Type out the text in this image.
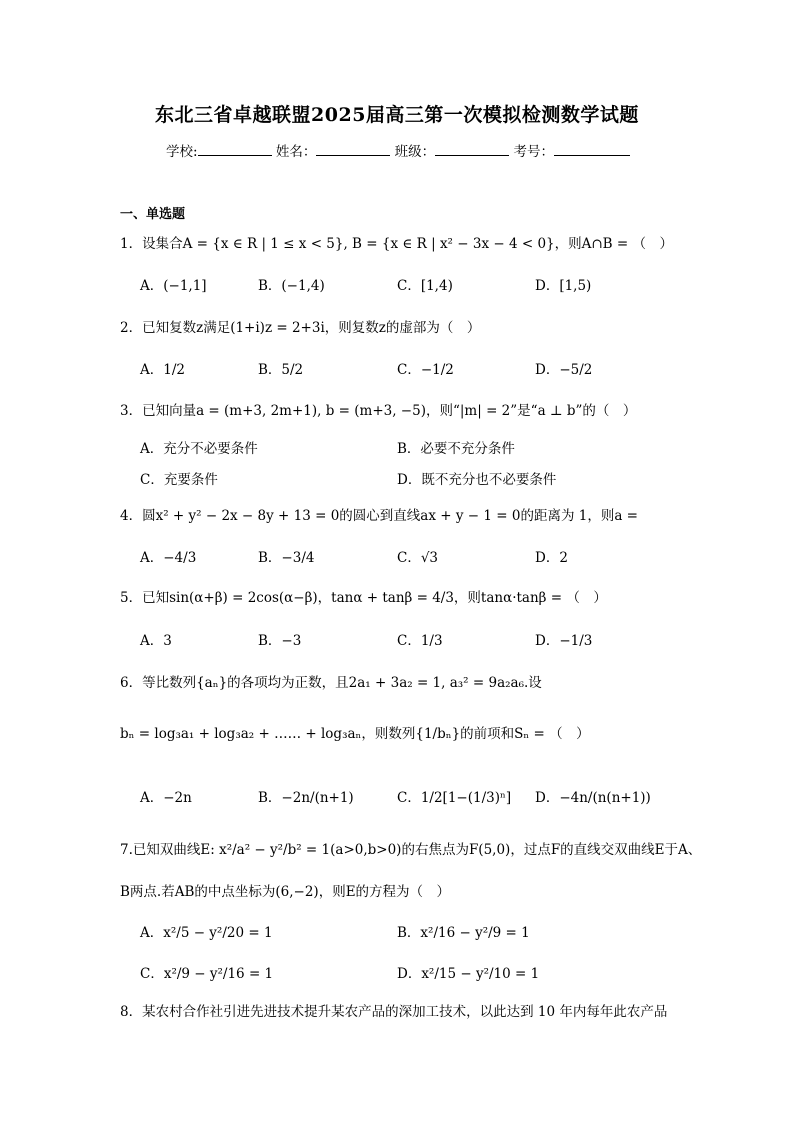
东北三省卓越联盟2025届高三第一次模拟检测数学试题
学校:	姓名：	班级：	考号：
一、单选题
1．设集合A = {x ∈ R | 1 ≤ x < 5}, B = {x ∈ R | x² − 3x − 4 < 0}，则A∩B = （　）
A．(−1,1]	B．(−1,4)	C．[1,4)	D．[1,5)
2．已知复数z满足(1+i)z = 2+3i，则复数z的虚部为（　）
A．1/2	B．5/2	C．−1/2	D．−5/2
3．已知向量a = (m+3, 2m+1), b = (m+3, −5)，则“|m| = 2”是“a ⊥ b”的（　）
A．充分不必要条件	B．必要不充分条件
C．充要条件	D．既不充分也不必要条件
4．圆x² + y² − 2x − 8y + 13 = 0的圆心到直线ax + y − 1 = 0的距离为 1，则a =
A．−4/3	B．−3/4	C．√3	D．2
5．已知sin(α+β) = 2cos(α−β)，tanα + tanβ = 4/3，则tanα·tanβ = （　）
A．3	B．−3	C．1/3	D．−1/3
6．等比数列{aₙ}的各项均为正数，且2a₁ + 3a₂ = 1, a₃² = 9a₂a₆.设
bₙ = log₃a₁ + log₃a₂ + …… + log₃aₙ，则数列{1/bₙ}的前项和Sₙ = （　）
A．−2n	B．−2n/(n+1)	C．1/2[1−(1/3)ⁿ] D．−4n/(n(n+1))
7.已知双曲线E: x²/a² − y²/b² = 1(a>0,b>0)的右焦点为F(5,0)，过点F的直线交双曲线E于A、
B两点.若AB的中点坐标为(6,−2)，则E的方程为（　）
A．x²/5 − y²/20 = 1	B．x²/16 − y²/9 = 1
C．x²/9 − y²/16 = 1	D．x²/15 − y²/10 = 1
8．某农村合作社引进先进技术提升某农产品的深加工技术，以此达到 10 年内每年此农产品
